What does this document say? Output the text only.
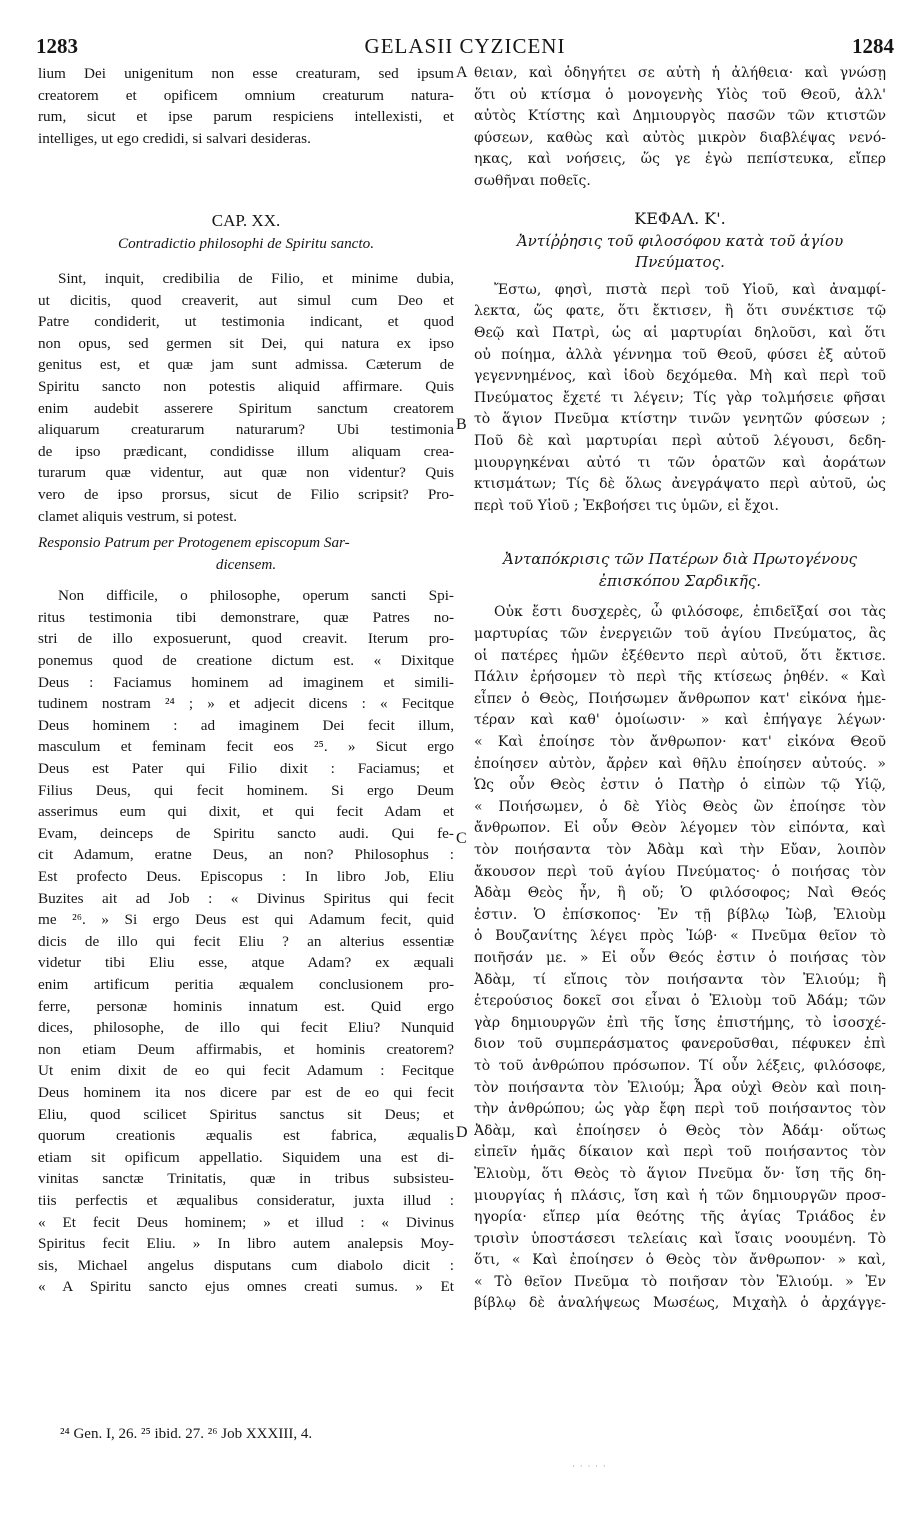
1283	GELASII CYZICENI	1284
lium Dei unigenitum non esse creaturam, sed ipsum
creatorem et opificem omnium creaturum natura-
rum, sicut et ipse parum respiciens intellexisti, et
intelliges, ut ego credidi, si salvari desideras.
CAP. XX.
Contradictio philosophi de Spiritu sancto.
Sint, inquit, credibilia de Filio, et minime dubia,
ut dicitis, quod creaverit, aut simul cum Deo et
Patre condiderit, ut testimonia indicant, et quod
non opus, sed germen sit Dei, qui natura ex ipso
genitus est, et quæ jam sunt admissa. Cæterum de
Spiritu sancto non potestis aliquid affirmare. Quis
enim audebit asserere Spiritum sanctum creatorem
aliquarum creaturarum naturarum? Ubi testimonia
de ipso prædicant, condidisse illum aliquam crea-
turarum quæ videntur, aut quæ non videntur? Quis
vero de ipso prorsus, sicut de Filio scripsit? Pro-
clamet aliquis vestrum, si potest.
Responsio Patrum per Protogenem episcopum Sar-
dicensem.
Non difficile, o philosophe, operum sancti Spi-
ritus testimonia tibi demonstrare, quæ Patres no-
stri de illo exposuerunt, quod creavit. Iterum pro-
ponemus quod de creatione dictum est. « Dixitque
Deus : Faciamus hominem ad imaginem et simili-
tudinem nostram ²⁴ ; » et adjecit dicens : « Fecitque
Deus hominem : ad imaginem Dei fecit illum,
masculum et feminam fecit eos ²⁵. » Sicut ergo
Deus est Pater qui Filio dixit : Faciamus; et
Filius Deus, qui fecit hominem. Si ergo Deum
asserimus eum qui dixit, et qui fecit Adam et
Evam, deinceps de Spiritu sancto audi. Qui fe-
cit Adamum, eratne Deus, an non? Philosophus :
Est profecto Deus. Episcopus : In libro Job, Eliu
Buzites ait ad Job : « Divinus Spiritus qui fecit
me ²⁶. » Si ergo Deus est qui Adamum fecit, quid
dicis de illo qui fecit Eliu ? an alterius essentiæ
videtur tibi Eliu esse, atque Adam? ex æquali
enim artificum peritia æqualem conclusionem pro-
ferre, personæ hominis innatum est. Quid ergo
dices, philosophe, de illo qui fecit Eliu? Nunquid
non etiam Deum affirmabis, et hominis creatorem?
Ut enim dixit de eo qui fecit Adamum : Fecitque
Deus hominem ita nos dicere par est de eo qui fecit
Eliu, quod scilicet Spiritus sanctus sit Deus; et
quorum creationis æqualis est fabrica, æqualis
etiam sit opificum appellatio. Siquidem una est di-
vinitas sanctæ Trinitatis, quæ in tribus subsisteu-
tiis perfectis et æqualibus consideratur, juxta illud :
« Et fecit Deus hominem; » et illud : « Divinus
Spiritus fecit Eliu. » In libro autem analepsis Moy-
sis, Michael angelus disputans cum diabolo dicit :
« A Spiritu sancto ejus omnes creati sumus. » Et
θειαν, καὶ ὁδηγήτει σε αὐτὴ ἡ ἀλήθεια· καὶ γνώσῃ
ὅτι οὐ κτίσμα ὁ μονογενὴς Υἱὸς τοῦ Θεοῦ, ἀλλ'
αὐτὸς Κτίστης καὶ Δημιουργὸς πασῶν τῶν κτιστῶν
φύσεων, καθὼς καὶ αὐτὸς μικρὸν διαβλέψας νενό-
ηκας, καὶ νοήσεις, ὥς γε ἐγὼ πεπίστευκα, εἴπερ
σωθῆναι ποθεῖς.
ΚΕΦΑΛ. Κ'.
Ἀντίῤῥησις τοῦ φιλοσόφου κατὰ τοῦ ἁγίου
Πνεύματος.
Ἔστω, φησὶ, πιστὰ περὶ τοῦ Υἱοῦ, καὶ ἀναμφί-
λεκτα, ὥς φατε, ὅτι ἔκτισεν, ἢ ὅτι συνέκτισε τῷ
Θεῷ καὶ Πατρὶ, ὡς αἱ μαρτυρίαι δηλοῦσι, καὶ ὅτι
οὐ ποίημα, ἀλλὰ γέννημα τοῦ Θεοῦ, φύσει ἐξ αὐτοῦ
γεγεννημένος, καὶ ἰδοὺ δεχόμεθα. Μὴ καὶ περὶ τοῦ
Πνεύματος ἔχετέ τι λέγειν; Τίς γὰρ τολμήσειε φῆσαι
τὸ ἅγιον Πνεῦμα κτίστην τινῶν γενητῶν φύσεων ;
Ποῦ δὲ καὶ μαρτυρίαι περὶ αὐτοῦ λέγουσι, δεδη-
μιουργηκέναι αὐτό τι τῶν ὁρατῶν καὶ ἀοράτων
κτισμάτων; Τίς δὲ ὅλως ἀνεγράψατο περὶ αὐτοῦ, ὡς
περὶ τοῦ Υἱοῦ ; Ἐκβοήσει τις ὑμῶν, εἰ ἔχοι.
Ἀνταπόκρισις τῶν Πατέρων διὰ Πρωτογένους
ἐπισκόπου Σαρδικῆς.
Οὐκ ἔστι δυσχερὲς, ὦ φιλόσοφε, ἐπιδεῖξαί σοι τὰς
μαρτυρίας τῶν ἐνεργειῶν τοῦ ἁγίου Πνεύματος, ἃς
οἱ πατέρες ἡμῶν ἐξέθεντο περὶ αὐτοῦ, ὅτι ἔκτισε.
Πάλιν ἐρήσομεν τὸ περὶ τῆς κτίσεως ῥηθέν. « Καὶ
εἶπεν ὁ Θεὸς, Ποιήσωμεν ἄνθρωπον κατ' εἰκόνα ἡμε-
τέραν καὶ καθ' ὁμοίωσιν· » καὶ ἐπήγαγε λέγων·
« Καὶ ἐποίησε τὸν ἄνθρωπον· κατ' εἰκόνα Θεοῦ
ἐποίησεν αὐτὸν, ἄρῤεν καὶ θῆλυ ἐποίησεν αὐτούς. »
Ὡς οὖν Θεὸς ἐστιν ὁ Πατὴρ ὁ εἰπὼν τῷ Υἱῷ,
« Ποιήσωμεν, ὁ δὲ Υἱὸς Θεὸς ὢν ἐποίησε τὸν
ἄνθρωπον. Εἰ οὖν Θεὸν λέγομεν τὸν εἰπόντα, καὶ
τὸν ποιήσαντα τὸν Ἀδὰμ καὶ τὴν Εὔαν, λοιπὸν
ἄκουσον περὶ τοῦ ἁγίου Πνεύματος· ὁ ποιήσας τὸν
Ἀδὰμ Θεὸς ἦν, ἢ οὔ; Ὁ φιλόσοφος; Ναὶ Θεός
ἐστιν. Ὁ ἐπίσκοπος· Ἐν τῇ βίβλῳ Ἰὼβ, Ἐλιοὺμ
ὁ Βουζανίτης λέγει πρὸς Ἰώβ· « Πνεῦμα θεῖον τὸ
ποιῆσάν με. » Εἰ οὖν Θεός ἐστιν ὁ ποιήσας τὸν
Ἀδὰμ, τί εἴποις τὸν ποιήσαντα τὸν Ἐλιούμ; ἢ
ἑτερούσιος δοκεῖ σοι εἶναι ὁ Ἐλιοὺμ τοῦ Ἀδάμ; τῶν
γὰρ δημιουργῶν ἐπὶ τῆς ἴσης ἐπιστήμης, τὸ ἰσοσχέ-
διον τοῦ συμπεράσματος φανεροῦσθαι, πέφυκεν ἐπὶ
τὸ τοῦ ἀνθρώπου πρόσωπον. Τί οὖν λέξεις, φιλόσοφε,
τὸν ποιήσαντα τὸν Ἐλιούμ; Ἆρα οὐχὶ Θεὸν καὶ ποιη-
τὴν ἀνθρώπου; ὡς γὰρ ἔφη περὶ τοῦ ποιήσαντος τὸν
Ἀδὰμ, καὶ ἐποίησεν ὁ Θεὸς τὸν Ἀδάμ· οὕτως
εἰπεῖν ἡμᾶς δίκαιον καὶ περὶ τοῦ ποιήσαντος τὸν
Ἐλιοὺμ, ὅτι Θεὸς τὸ ἅγιον Πνεῦμα ὄν· ἴση τῆς δη-
μιουργίας ἡ πλάσις, ἴση καὶ ἡ τῶν δημιουργῶν προσ-
ηγορία· εἴπερ μία θεότης τῆς ἁγίας Τριάδος ἐν
τρισὶν ὑποστάσεσι τελείαις καὶ ἴσαις νοουμένη. Τὸ
ὅτι, « Καὶ ἐποίησεν ὁ Θεὸς τὸν ἄνθρωπον· » καὶ,
« Τὸ θεῖον Πνεῦμα τὸ ποιῆσαν τὸν Ἐλιούμ. » Ἐν
βίβλῳ δὲ ἀναλήψεως Μωσέως, Μιχαὴλ ὁ ἀρχάγγε-
A
B
C
D
²⁴ Gen. I, 26. ²⁵ ibid. 27. ²⁶ Job XXXIII, 4.
· · · · ·
